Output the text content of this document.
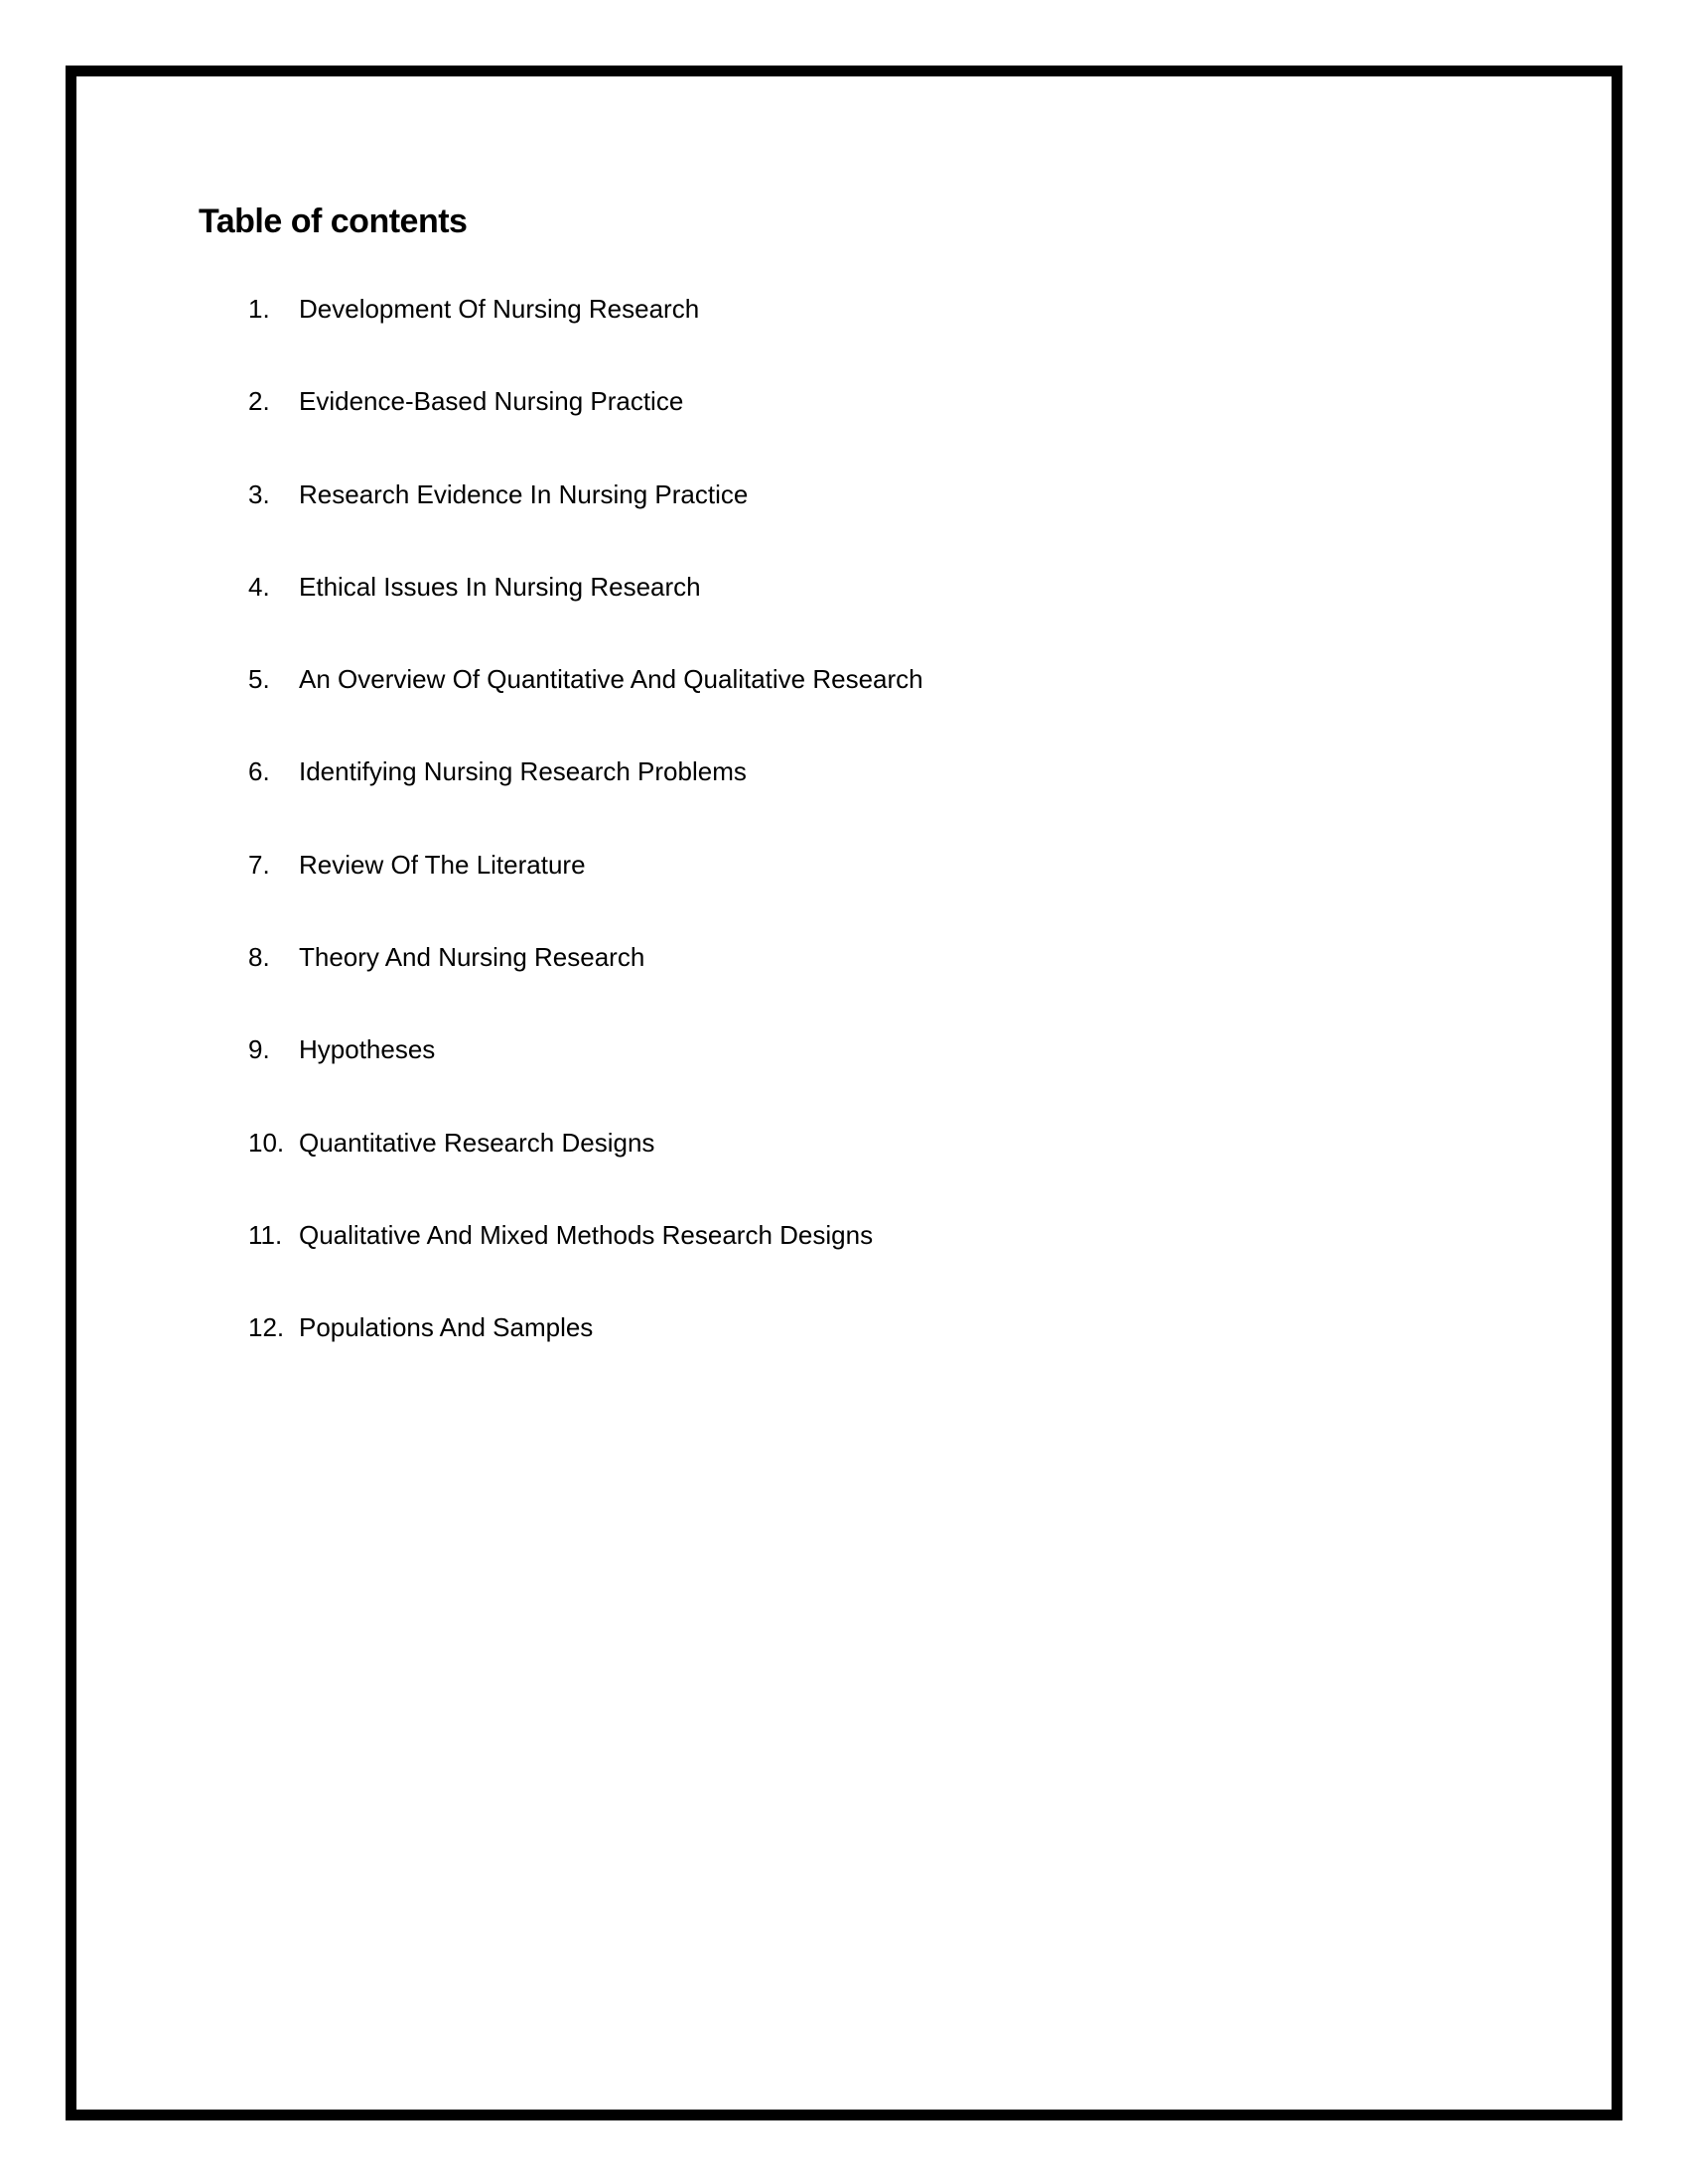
Table of contents
1.	Development Of Nursing Research
2.	Evidence-Based Nursing Practice
3.	Research Evidence In Nursing Practice
4.	Ethical Issues In Nursing Research
5.	An Overview Of Quantitative And Qualitative Research
6.	Identifying Nursing Research Problems
7.	Review Of The Literature
8.	Theory And Nursing Research
9.	Hypotheses
10. Quantitative Research Designs
11. Qualitative And Mixed Methods Research Designs
12. Populations And Samples
